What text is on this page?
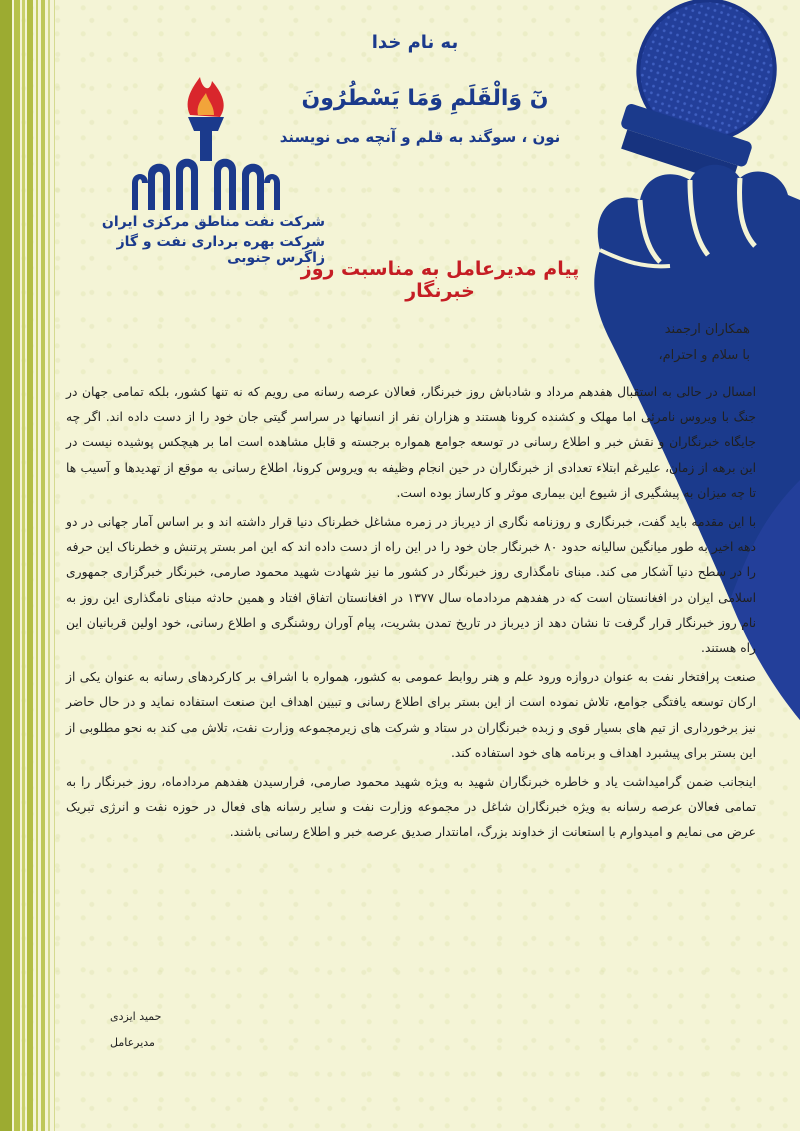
به نام خدا
نٓ وَالْقَلَمِ وَمَا يَسْطُرُونَ
نون ، سوگند به قلم و آنچه می نویسند
شرکت نفت مناطق مرکزی ایران
شرکت بهره برداری نفت و گاز زاگرس جنوبی
پیام مدیرعامل به مناسبت روز خبرنگار
همکاران ارجمند
با سلام و احترام،

امسال در حالی به استقبال هفدهم مرداد و شادباش روز خبرنگار، فعالان عرصه رسانه می رویم که نه تنها کشور، بلکه تمامی جهان در جنگ با ویروس نامرئی اما مهلک و کشنده کرونا هستند و هزاران نفر از انسانها در سراسر گیتی جان خود را از دست داده اند. اگر چه جایگاه خبرنگاران و نقش خبر و اطلاع رسانی در توسعه جوامع همواره برجسته و قابل مشاهده است اما بر هیچکس پوشیده نیست در این برهه از زمان، علیرغم ابتلاء تعدادی از خبرنگاران در حین انجام وظیفه به ویروس کرونا، اطلاع رسانی به موقع از تهدیدها و آسیب ها تا چه میزان به پیشگیری از شیوع این بیماری موثر و کارساز بوده است.

با این مقدمه باید گفت، خبرنگاری و روزنامه نگاری از دیرباز در زمره مشاغل خطرناک دنیا قرار داشته اند و بر اساس آمار جهانی در دو دهه اخیر به طور میانگین سالیانه حدود ۸۰ خبرنگار جان خود را در این راه از دست داده اند که این امر بستر پرتنش و خطرناک این حرفه را در سطح دنیا آشکار می کند. مبنای نامگذاری روز خبرنگار در کشور ما نیز شهادت شهید محمود صارمی، خبرنگار خبرگزاری جمهوری اسلامی ایران در افغانستان است که در هفدهم مردادماه سال ۱۳۷۷ در افغانستان اتفاق افتاد و همین حادثه مبنای نامگذاری این روز به نام روز خبرنگار قرار گرفت تا نشان دهد از دیرباز در تاریخ تمدن بشریت، پیام آوران روشنگری و اطلاع رسانی، خود اولین قربانیان این راه هستند.

صنعت پرافتخار نفت به عنوان دروازه ورود علم و هنر روابط عمومی به کشور، همواره با اشراف بر کارکردهای رسانه به عنوان یکی از ارکان توسعه یافتگی جوامع، تلاش نموده است از این بستر برای اطلاع رسانی و تبیین اهداف این صنعت استفاده نماید و در حال حاضر نیز برخورداری از تیم های بسیار قوی و زبده خبرنگاران در ستاد و شرکت های زیرمجموعه وزارت نفت، تلاش می کند به نحو مطلوبی از این بستر برای پیشبرد اهداف و برنامه های خود استفاده کند.

اینجانب ضمن گرامیداشت یاد و خاطره خبرنگاران شهید به ویژه شهید محمود صارمی، فرارسیدن هفدهم مردادماه، روز خبرنگار را به تمامی فعالان عرصه رسانه به ویژه خبرنگاران شاغل در مجموعه وزارت نفت و سایر رسانه های فعال در حوزه نفت و انرژی تبریک عرض می نمایم و امیدوارم با استعانت از خداوند بزرگ، امانتدار صدیق عرصه خبر و اطلاع رسانی باشند.

حمید ایزدی
مدیرعامل
